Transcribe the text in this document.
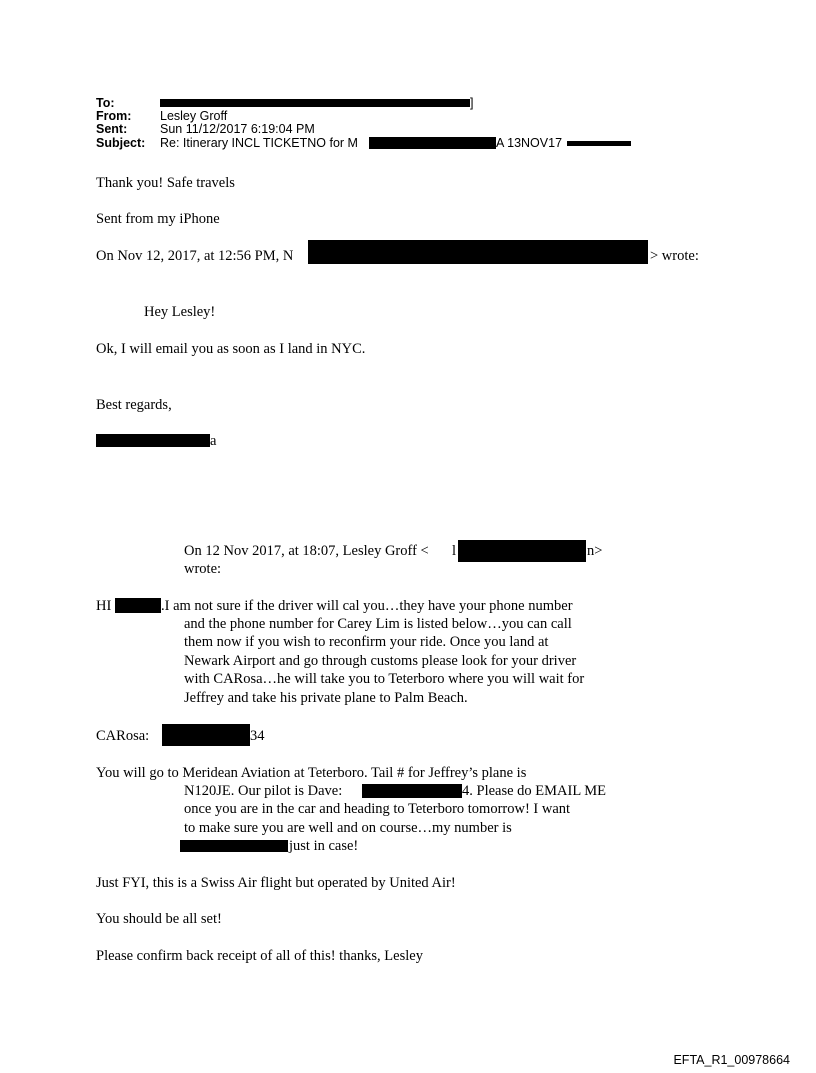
To:	]
From: Lesley Groff
Sent:	Sun 11/12/2017 6:19:04 PM
Subject: Re: Itinerary INCL TICKETNO for M	A 13NOV17
Thank you! Safe travels
Sent from my iPhone
On Nov 12, 2017, at 12:56 PM, N	> wrote:
Hey Lesley!
Ok, I will email you as soon as I land in NYC.
Best regards,
a
On 12 Nov 2017, at 18:07, Lesley Groff < l	n>
wrote:
HI	.I am not sure if the driver will cal you…they have your phone number
and the phone number for Carey Lim is listed below…you can call
them now if you wish to reconfirm your ride. Once you land at
Newark Airport and go through customs please look for your driver
with CARosa…he will take you to Teterboro where you will wait for
Jeffrey and take his private plane to Palm Beach.
CARosa:	34
You will go to Meridean Aviation at Teterboro. Tail # for Jeffrey’s plane is
N120JE. Our pilot is Dave:	4. Please do EMAIL ME
once you are in the car and heading to Teterboro tomorrow! I want
to make sure you are well and on course…my number is
just in case!
Just FYI, this is a Swiss Air flight but operated by United Air!
You should be all set!
Please confirm back receipt of all of this! thanks, Lesley
EFTA_R1_00978664
